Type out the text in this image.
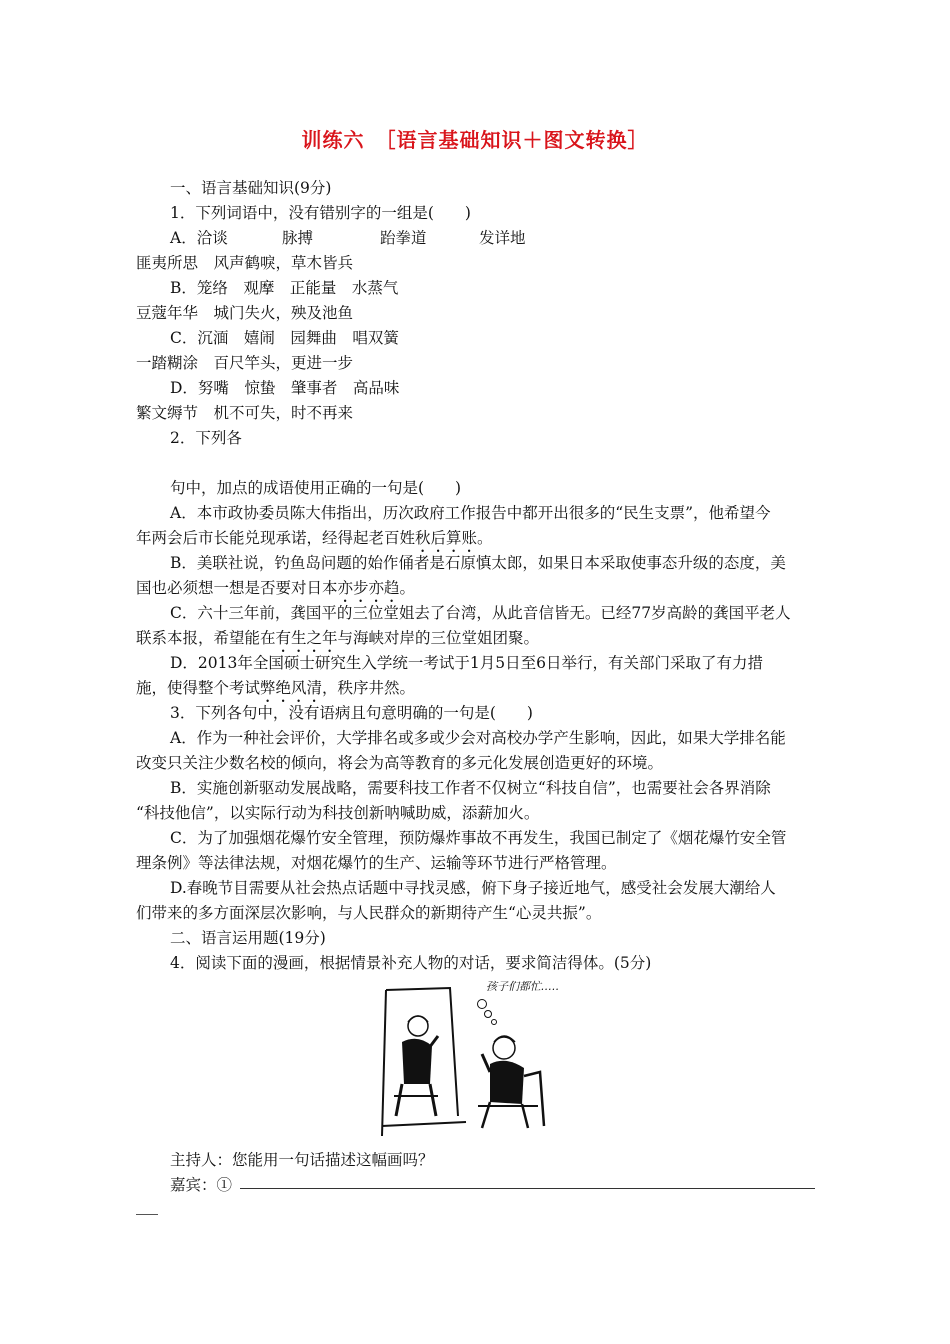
训练六　［语言基础知识＋图文转换］
一、语言基础知识(9分)
1．下列词语中，没有错别字的一组是(　　)
A．洽谈	脉搏	跆拳道	发详地
匪夷所思　风声鹤唳，草木皆兵
B．笼络　观摩　正能量　水蒸气
豆蔻年华　城门失火，殃及池鱼
C．沉湎　嬉闹　园舞曲　唱双簧
一踏糊涂　百尺竿头，更进一步
D．努嘴　惊蛰　肇事者　高品味
繁文缛节　机不可失，时不再来
2．下列各
句中，加点的成语使用正确的一句是(　　)
A．本市政协委员陈大伟指出，历次政府工作报告中都开出很多的“民生支票”，他希望今
年两会后市长能兑现承诺，经得起老百姓秋后算账。
B．美联社说，钓鱼岛问题的始作俑者是石原慎太郎，如果日本采取使事态升级的态度，美
国也必须想一想是否要对日本亦步亦趋。
C．六十三年前，龚国平的三位堂姐去了台湾，从此音信皆无。已经77岁高龄的龚国平老人
联系本报，希望能在有生之年与海峡对岸的三位堂姐团聚。
D．2013年全国硕士研究生入学统一考试于1月5日至6日举行，有关部门采取了有力措
施，使得整个考试弊绝风清，秩序井然。
3．下列各句中，没有语病且句意明确的一句是(　　)
A．作为一种社会评价，大学排名或多或少会对高校办学产生影响，因此，如果大学排名能
改变只关注少数名校的倾向，将会为高等教育的多元化发展创造更好的环境。
B．实施创新驱动发展战略，需要科技工作者不仅树立“科技自信”，也需要社会各界消除
“科技他信”，以实际行动为科技创新呐喊助威，添薪加火。
C．为了加强烟花爆竹安全管理，预防爆炸事故不再发生，我国已制定了《烟花爆竹安全管
理条例》等法律法规，对烟花爆竹的生产、运输等环节进行严格管理。
D.春晚节目需要从社会热点话题中寻找灵感，俯下身子接近地气，感受社会发展大潮给人
们带来的多方面深层次影响，与人民群众的新期待产生“心灵共振”。
二、语言运用题(19分)
4．阅读下面的漫画，根据情景补充人物的对话，要求简洁得体。(5分)
孩子们都忙……
主持人：您能用一句话描述这幅画吗？
嘉宾：①
